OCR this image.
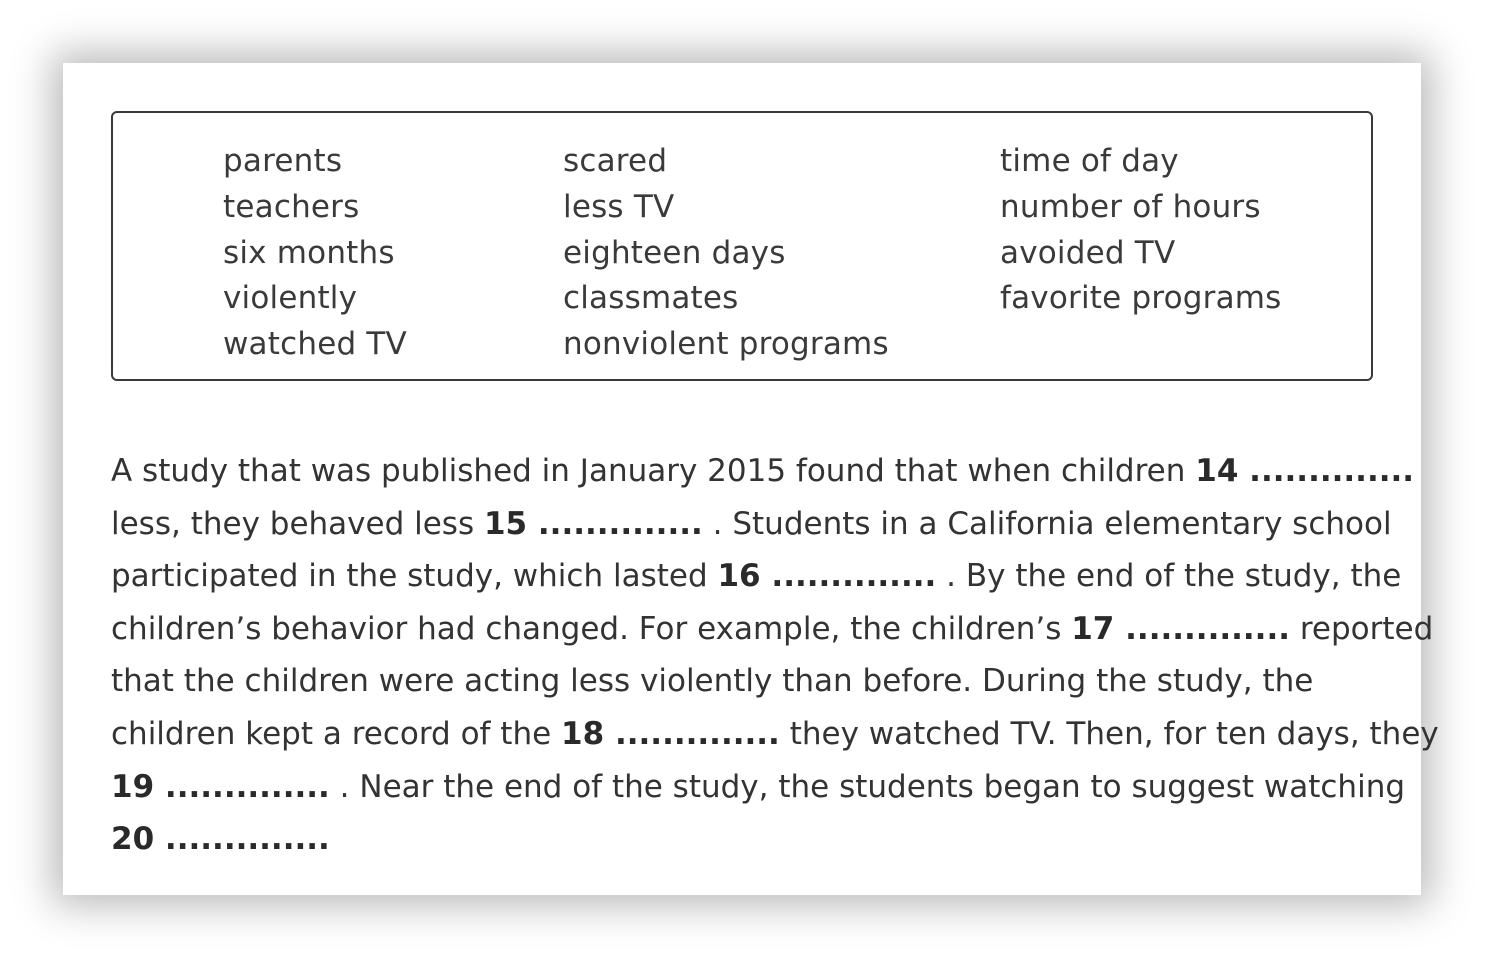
parents
teachers
six months
violently
watched TV
scared
less TV
eighteen days
classmates
nonviolent programs
time of day
number of hours
avoided TV
favorite programs
A study that was published in January 2015 found that when children 14 ..............
less, they behaved less 15 .............. . Students in a California elementary school
participated in the study, which lasted 16 .............. . By the end of the study, the
children’s behavior had changed. For example, the children’s 17 .............. reported
that the children were acting less violently than before. During the study, the
children kept a record of the 18 .............. they watched TV. Then, for ten days, they
19 .............. . Near the end of the study, the students began to suggest watching
20 ..............
